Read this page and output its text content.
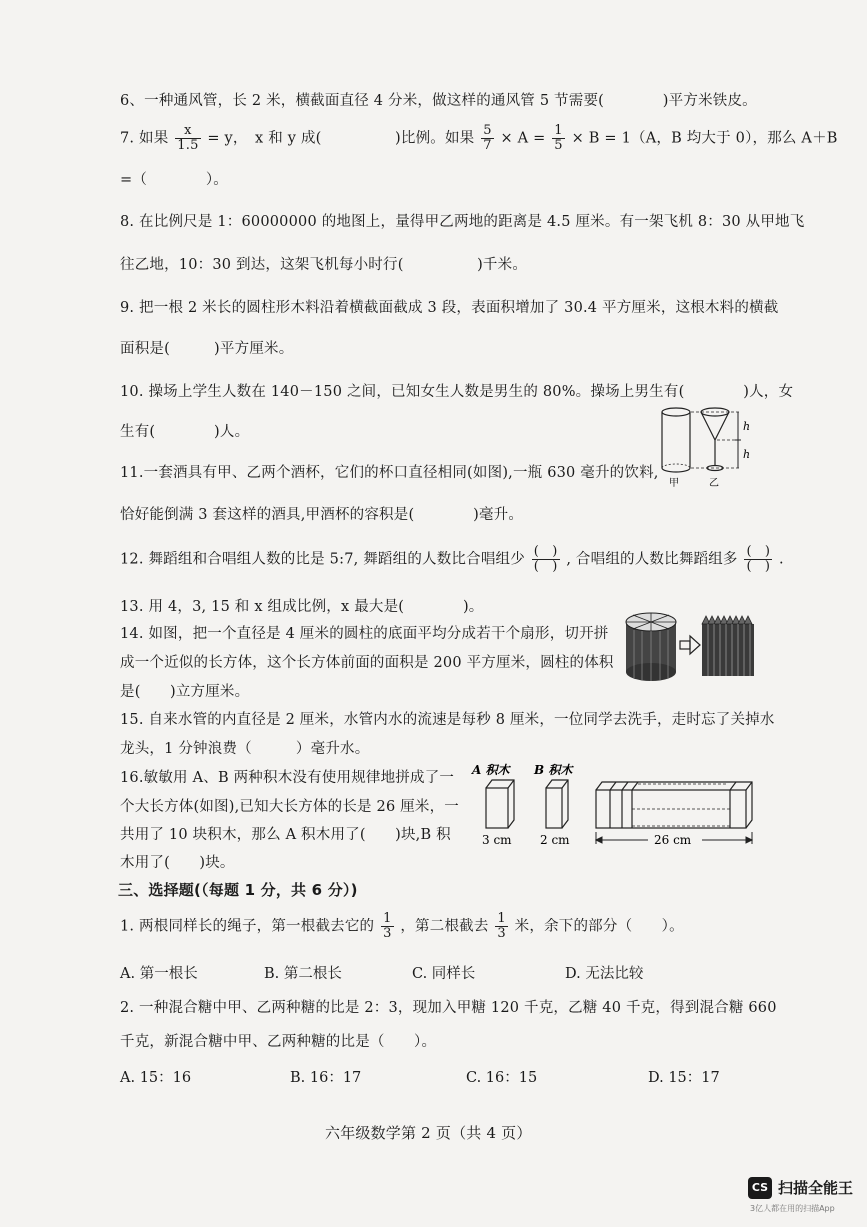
6、一种通风管，长 2 米，横截面直径 4 分米，做这样的通风管 5 节需要(　　　　)平方米铁皮。
7. 如果 $\frac{x}{1.5} = y$，　x 和 y 成(　　　　　)比例。如果 $\frac{5}{7} \times A = \frac{1}{5} \times B = 1(A$，B 均大于 0），那么 A＋B
=（　　　　）。
8. 在比例尺是 1：60000000 的地图上，量得甲乙两地的距离是 4.5 厘米。有一架飞机 8：30 从甲地飞
往乙地，10：30 到达，这架飞机每小时行(　　　　　)千米。
9. 把一根 2 米长的圆柱形木料沿着横截面截成 3 段，表面积增加了 30.4 平方厘米，这根木料的横截
面积是(　　　)平方厘米。
10. 操场上学生人数在 140－150 之间，已知女生人数是男生的 80%。操场上男生有(　　　　)人，女
生有(　　　　)人。
11.一套酒具有甲、乙两个酒杯，它们的杯口直径相同(如图),一瓶 630 毫升的饮料,
恰好能倒满 3 套这样的酒具,甲酒杯的容积是(　　　　)毫升。
h
h
甲	乙
12. 舞蹈组和合唱组人数的比是 5:7, 舞蹈组的人数比合唱组少 $\frac{( )}{( )}$ , 合唱组的人数比舞蹈组多 $\frac{( )}{( )}$ .
13. 用 4，3, 15 和 x 组成比例，x 最大是(　　　　)。
14. 如图，把一个直径是 4 厘米的圆柱的底面平均分成若干个扇形，切开拼
成一个近似的长方体，这个长方体前面的面积是 200 平方厘米，圆柱的体积
是(　　)立方厘米。
15. 自来水管的内直径是 2 厘米，水管内水的流速是每秒 8 厘米，一位同学去洗手，走时忘了关掉水
龙头，1 分钟浪费（　　　）毫升水。
16.敏敏用 A、B 两种积木没有使用规律地拼成了一
个大长方体(如图),已知大长方体的长是 26 厘米，一
共用了 10 块积木，那么 A 积木用了(　　)块,B 积
木用了(　　)块。
A 积木 B 积木
3 cm 2 cm	26 cm
三、选择题(（每题 1 分，共 6 分）)
1. 两根同样长的绳子，第一根截去它的 $\frac{1}{3}$ ，第二根截去 $\frac{1}{3}$ 米，余下的部分（　　）。
A. 第一根长	B. 第二根长	C. 同样长	D. 无法比较
2. 一种混合糖中甲、乙两种糖的比是 2：3，现加入甲糖 120 千克，乙糖 40 千克，得到混合糖 660
千克，新混合糖中甲、乙两种糖的比是（　　）。
A. 15：16	B. 16：17	C. 16：15	D. 15：17
六年级数学第 2 页（共 4 页）
CS 扫描全能王
3亿人都在用的扫描App
